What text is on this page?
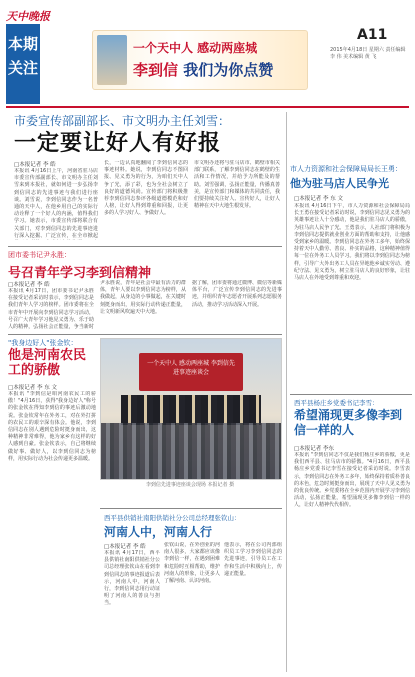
天中晚报
本期
关注
一个天中人 感动两座城
李到信 我们为你点赞
A11
2015年4月18日 星期六 责任编辑 李 伟 美术编辑 黄 飞
市委宣传部副部长、市文明办主任刘雪：
一定要让好人有好报
□本报记者 李 皓
本报讯 4月16日上午，河南省驻马店市委宣传部副部长、市文明办主任刘雪来到本报社，就如何进一步弘扬李到信同志的先进事迹与我们进行座谈。刘雪说，李到信同志作为一名普通的天中人，在他乡用自己的实际行动诠释了一个好人的内涵，值得我们学习。她表示，市委宣传部将联合有关部门，对李到信同志的先进事迹进行深入挖掘、广泛宣传，在全市掀起
长，一边认真地翻阅了李到信同志的事迹材料。她说，李到信同志不图回报、见义勇为的行为，为咱们天中人争了光，添了彩，也为全社会树立了良好的道德风尚。宣传部门将积极推荐李到信同志参评各级道德模范和好人榜，让好人得到尊重和回报，让更多的人学习好人、争做好人。
市文明办还将与驻马店市、鹤壁市相关部门联系，了解李到信同志在鹤壁的生活和工作情况，并给予力所能及的帮助。刘雪强调，弘扬正能量，传播真善美，是宣传部门和媒体的共同责任，我们要持续关注好人、宣传好人，让好人精神在天中大地生根发芽。
市人力资源和社会保障局局长王勇：
他为驻马店人民争光
□本报记者 李 东 文
本报讯 4月16日下午，市人力资源和社会保障局局长王勇在接受记者采访时说，李到信同志见义勇为的英雄事迹让人十分感动，他是我们驻马店人的骄傲，为驻马店人民争了光。王勇表示，人社部门将积极为李到信同志提供就业创业方面的帮助和支持，让他感受到家乡的温暖。李到信同志在外务工多年，始终保持着天中人勤劳、善良、朴实的品格，这种精神值得每一位在外务工人员学习。我们将以李到信同志为榜样，引导广大外出务工人员在异地他乡诚实劳动、遵纪守法、见义勇为，树立驻马店人的良好形象，让驻马店人在外地受到尊重和欢迎。
团市委书记尹永胜：
号召青年学习李到信精神
□本报记者 李 皓
本报讯 4月17日，团市委书记尹永胜在接受记者采访时表示，李到信同志是我们青年人学习的榜样。团市委将在全市青年中开展向李到信同志学习活动，号召广大青年学习他见义勇为、乐于助人的精神，弘扬社会正能量，争当新时
尹永胜说，青年是社会中最有活力的群体，青年人要以李到信同志为榜样，从我做起，从身边的小事做起，在关键时刻挺身而出，用实际行动传递正能量，让文明新风吹遍天中大地。
据了解，团市委将通过微博、微信等新媒体平台，广泛宣传李到信同志的先进事迹，并组织青年志愿者开展系列志愿服务活动，推动学习活动深入开展。
"我身边好人"张金钦：
他是河南农民工的骄傲
□本报记者 李 东 文
本报讯 "李到信是咱河南农民工的骄傲！"4月16日，获得"我身边好人"称号的张金钦在得知李到信的事迹后激动地说。张金钦常年在外务工，对在外打拼的农民工的艰辛深有体会。他说，李到信同志在别人遇到危险时挺身而出，这种精神非常难得，他为家乡有这样的好人感到自豪。张金钦表示，自己将继续做好事、做好人，以李到信同志为榜样，用实际行动为社会传递更多温暖。
一个天中人 感动两座城 李到信先进事迹座谈会
李到信先进事迹座谈会现场 本报记者 摄
西平县供销社南阳供销社分公司总经理张钦山：
河南人中，河南人行
□本报记者 李 皓
本报讯 4月17日，西平县供销社南阳供销社分公司总经理张钦山在看到李到信同志的事迹报道后表示，河南人中，河南人行，李到信同志用行动证明了河南人的善良与担当。
张钦山说，在外创业的河南人很多，大家都应该像李到信一样，在遇到困难和危险时互相帮助，维护河南人的形象，让更多人了解河南、认识河南。
他表示，将在公司内部组织员工学习李到信同志的先进事迹，引导员工在工作和生活中积极向上，传递正能量。
西平县杨庄乡党委书记李雪：
希望涌现更多像李到信一样的人
□本报记者 李东
本报讯 "李到信同志不仅是我们杨庄乡的骄傲，更是我们西平县、驻马店市的骄傲。"4月16日，西平县杨庄乡党委书记李雪在接受记者采访时说。李雪表示，李到信同志在外务工多年，始终保持着质朴善良的本色，危急时刻挺身而出，展现了天中人见义勇为的优良传统。乡党委将在全乡范围内开展学习李到信活动，弘扬正能量，希望涌现更多像李到信一样的人，让好人精神代代相传。
